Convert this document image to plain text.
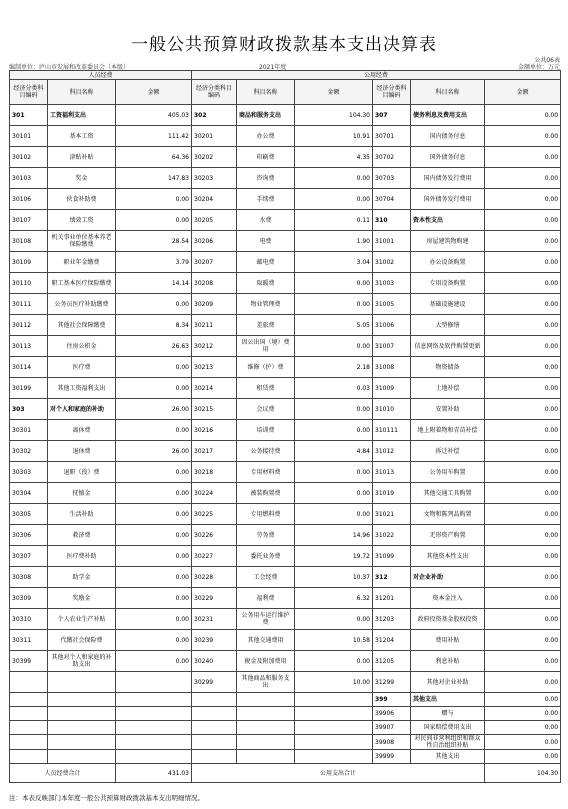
一般公共预算财政拨款基本支出决算表
公共06表
编制单位：庐山市发展和改革委员会（本级）	2021年度	金额单位：万元
人员经费			公用经费					
经济分类科目编码	科目名称	金额	经济分类科目编码	科目名称	金额	经济分类科目编码	科目名称	金额
301	工资福利支出	405.03	302	商品和服务支出	104.30	307	债务利息及费用支出	0.00
30101	基本工资	111.42	30201	办公费	10.91	30701	国内债务付息	0.00
30102	津贴补贴	64.36	30202	印刷费	4.35	30702	国外债务付息	0.00
30103	奖金	147.83	30203	咨询费	0.00	30703	国内债务发行费用	0.00
30106	伙食补助费	0.00	30204	手续费	0.00	30704	国外债务发行费用	0.00
30107	绩效工资	0.00	30205	水费	0.11	310	资本性支出	0.00
30108	机关事业单位基本养老保险缴费	28.54	30206	电费	1.90	31001	房屋建筑物购建	0.00
30109	职业年金缴费	3.79	30207	邮电费	3.04	31002	办公设备购置	0.00
30110	职工基本医疗保险缴费	14.14	30208	取暖费	0.00	31003	专用设备购置	0.00
30111	公务员医疗补助缴费	0.00	30209	物业管理费	0.00	31005	基础设施建设	0.00
30112	其他社会保障缴费	8.34	30211	差旅费	5.05	31006	大型修缮	0.00
30113	住房公积金	26.63	30212	因公出国（境）费用	0.00	31007	信息网络及软件购置更新	0.00
30114	医疗费	0.00	30213	维修（护）费	2.18	31008	物资储备	0.00
30199	其他工资福利支出	0.00	30214	租赁费	0.03	31009	土地补偿	0.00
303	对个人和家庭的补助	26.00	30215	会议费	0.00	31010	安置补助	0.00
30301	离休费	0.00	30216	培训费	0.00	310111	地上附着物和青苗补偿	0.00
30302	退休费	26.00	30217	公务接待费	4.84	31012	拆迁补偿	0.00
30303	退职（役）费	0.00	30218	专用材料费	0.00	31013	公务用车购置	0.00
30304	抚恤金	0.00	30224	被装购置费	0.00	31019	其他交通工具购置	0.00
30305	生活补助	0.00	30225	专用燃料费	0.00	31021	文物和陈列品购置	0.00
30306	救济费	0.00	30226	劳务费	14.96	31022	无形资产购置	0.00
30307	医疗费补助	0.00	30227	委托业务费	19.72	31099	其他资本性支出	0.00
30308	助学金	0.00	30228	工会经费	10.37	312	对企业补助	0.00
30309	奖励金	0.00	30229	福利费	6.32	31201	资本金注入	0.00
30310	个人农业生产补贴	0.00	30231	公务用车运行维护费	0.00	31203	政府投资基金股权投资	0.00
30311	代缴社会保险费	0.00	30239	其他交通费用	10.58	31204	费用补贴	0.00
30399	其他对个人和家庭的补助支出	0.00	30240	税金及附加费用	0.00	31205	利息补贴	0.00
			30299	其他商品和服务支出	10.00	31299	其他对企业补助	0.00
						399	其他支出	0.00
						39906	赠与	0.00
						39907	国家赔偿费用支出	0.00
						39908	对民间非营利组织和群众性自治组织补贴	0.00
						39999	其他支出	0.00
人员经费合计		431.03	公用支出合计					104.30
注：本表反映部门本年度一般公共预算财政拨款基本支出明细情况。
